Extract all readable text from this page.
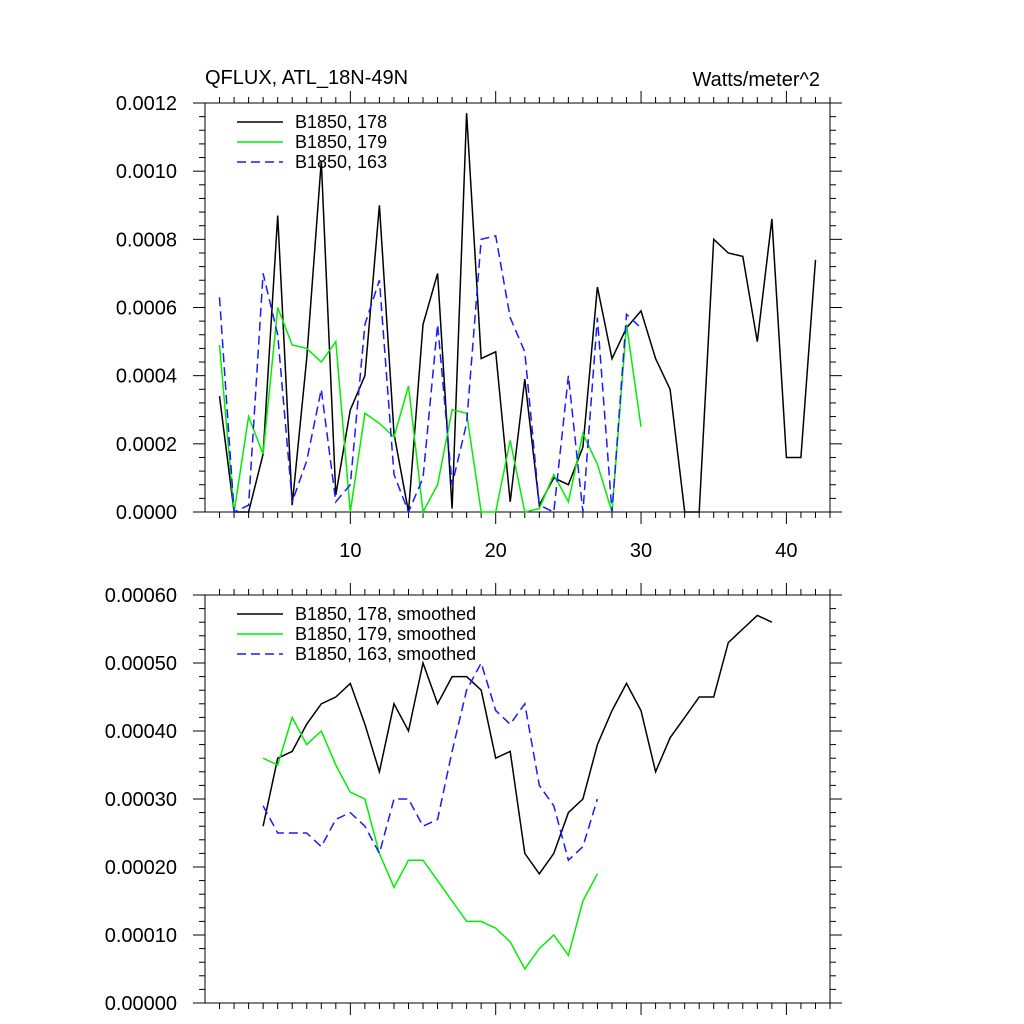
QFLUX, ATL_18N-49N	Watts/meter^2
10	20	30	40
0.0000
0.0002
0.0004
0.0006
0.0008
0.0010
0.0012
B1850, 178
B1850, 179
B1850, 163
0.00000
0.00010
0.00020
0.00030
0.00040
0.00050
0.00060
B1850, 178, smoothed
B1850, 179, smoothed
B1850, 163, smoothed
